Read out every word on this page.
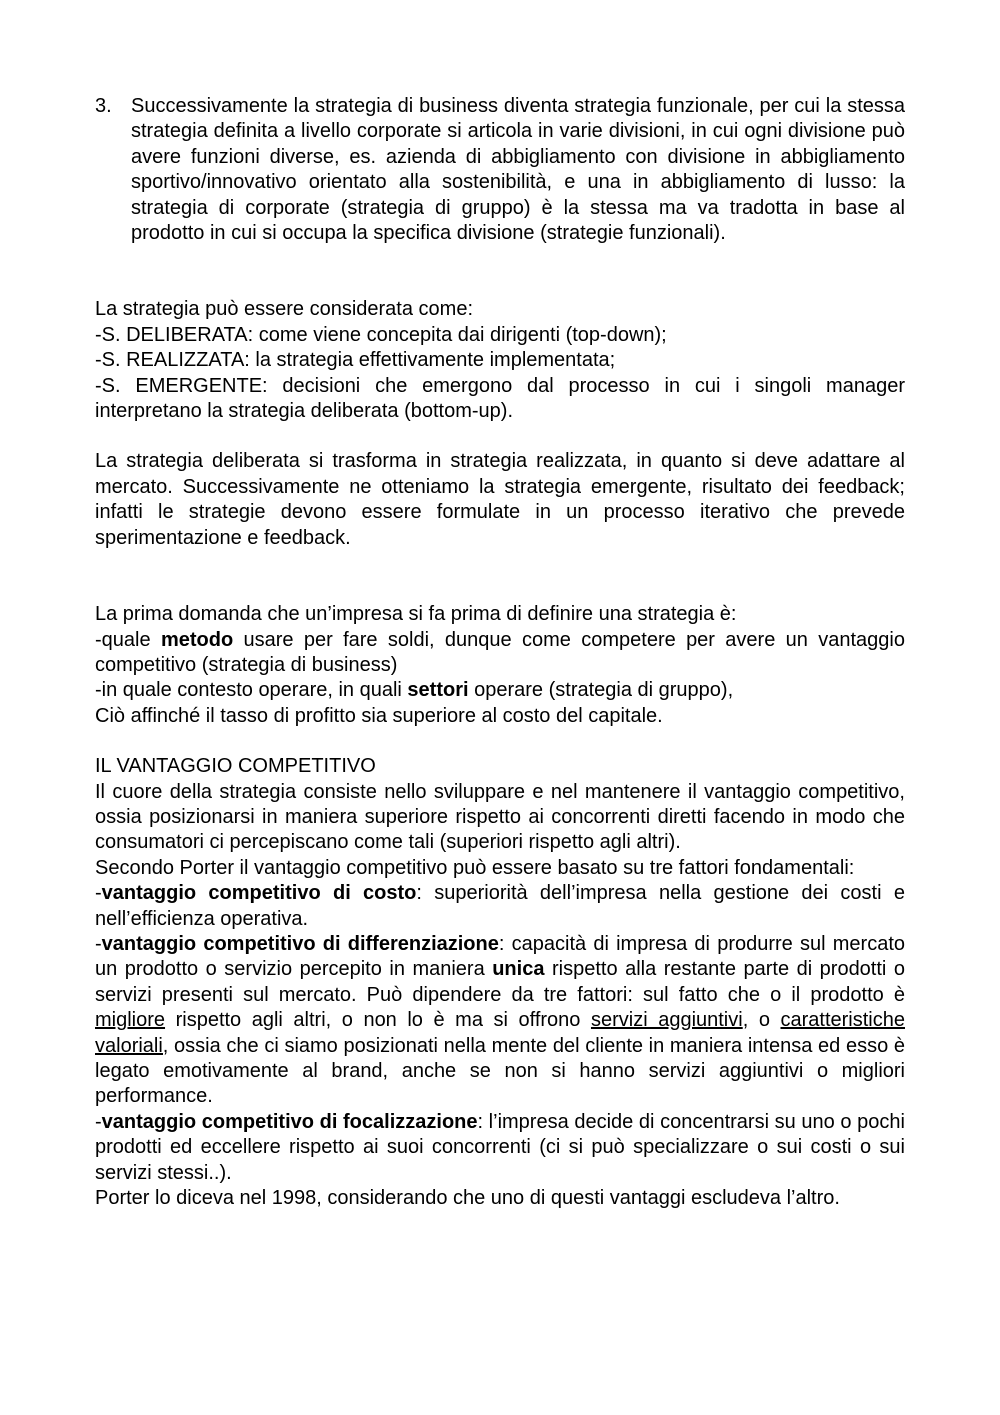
3. Successivamente la strategia di business diventa strategia funzionale, per cui la stessa strategia definita a livello corporate si articola in varie divisioni, in cui ogni divisione può avere funzioni diverse, es. azienda di abbigliamento con divisione in abbigliamento sportivo/innovativo orientato alla sostenibilità, e una in abbigliamento di lusso: la strategia di corporate (strategia di gruppo) è la stessa ma va tradotta in base al prodotto in cui si occupa la specifica divisione (strategie funzionali).

La strategia può essere considerata come:

-S. DELIBERATA: come viene concepita dai dirigenti (top-down);

-S. REALIZZATA: la strategia effettivamente implementata;

-S. EMERGENTE: decisioni che emergono dal processo in cui i singoli manager interpretano la strategia deliberata (bottom-up).

La strategia deliberata si trasforma in strategia realizzata, in quanto si deve adattare al mercato. Successivamente ne otteniamo la strategia emergente, risultato dei feedback; infatti le strategie devono essere formulate in un processo iterativo che prevede sperimentazione e feedback.

La prima domanda che un’impresa si fa prima di definire una strategia è:

-quale metodo usare per fare soldi, dunque come competere per avere un vantaggio competitivo (strategia di business)

-in quale contesto operare, in quali settori operare (strategia di gruppo),

Ciò affinché il tasso di profitto sia superiore al costo del capitale.

IL VANTAGGIO COMPETITIVO

Il cuore della strategia consiste nello sviluppare e nel mantenere il vantaggio competitivo, ossia posizionarsi in maniera superiore rispetto ai concorrenti diretti facendo in modo che consumatori ci percepiscano come tali (superiori rispetto agli altri).

Secondo Porter il vantaggio competitivo può essere basato su tre fattori fondamentali:

-vantaggio competitivo di costo: superiorità dell’impresa nella gestione dei costi e nell’efficienza operativa.

-vantaggio competitivo di differenziazione: capacità di impresa di produrre sul mercato un prodotto o servizio percepito in maniera unica rispetto alla restante parte di prodotti o servizi presenti sul mercato. Può dipendere da tre fattori: sul fatto che o il prodotto è migliore rispetto agli altri, o non lo è ma si offrono servizi aggiuntivi, o caratteristiche valoriali, ossia che ci siamo posizionati nella mente del cliente in maniera intensa ed esso è legato emotivamente al brand, anche se non si hanno servizi aggiuntivi o migliori performance.

-vantaggio competitivo di focalizzazione: l’impresa decide di concentrarsi su uno o pochi prodotti ed eccellere rispetto ai suoi concorrenti (ci si può specializzare o sui costi o sui servizi stessi..).

Porter lo diceva nel 1998, considerando che uno di questi vantaggi escludeva l’altro.
